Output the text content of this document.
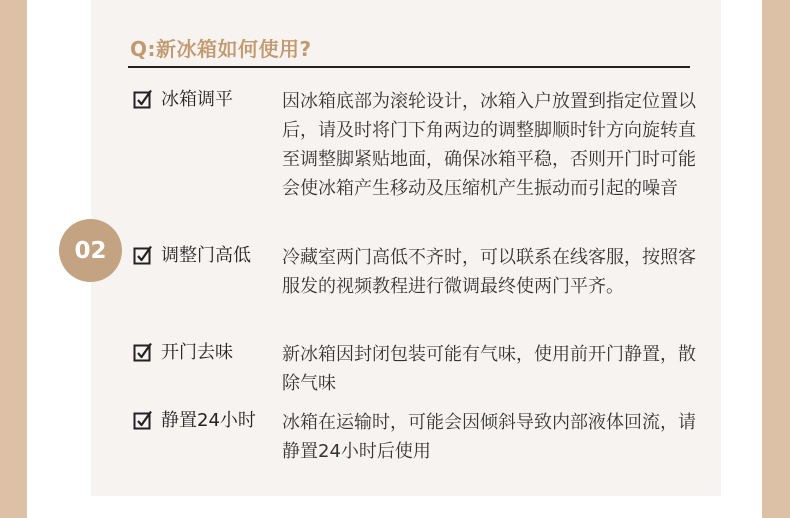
Q:新冰箱如何使用?
02
冰箱调平	因冰箱底部为滚轮设计，冰箱入户放置到指定位置以后，请及时将门下角两边的调整脚顺时针方向旋转直至调整脚紧贴地面，确保冰箱平稳，否则开门时可能会使冰箱产生移动及压缩机产生振动而引起的噪音
调整门高低 冷藏室两门高低不齐时，可以联系在线客服，按照客服发的视频教程进行微调最终使两门平齐。
开门去味	新冰箱因封闭包装可能有气味，使用前开门静置，散除气味
静置24小时 冰箱在运输时，可能会因倾斜导致内部液体回流，请静置24小时后使用
